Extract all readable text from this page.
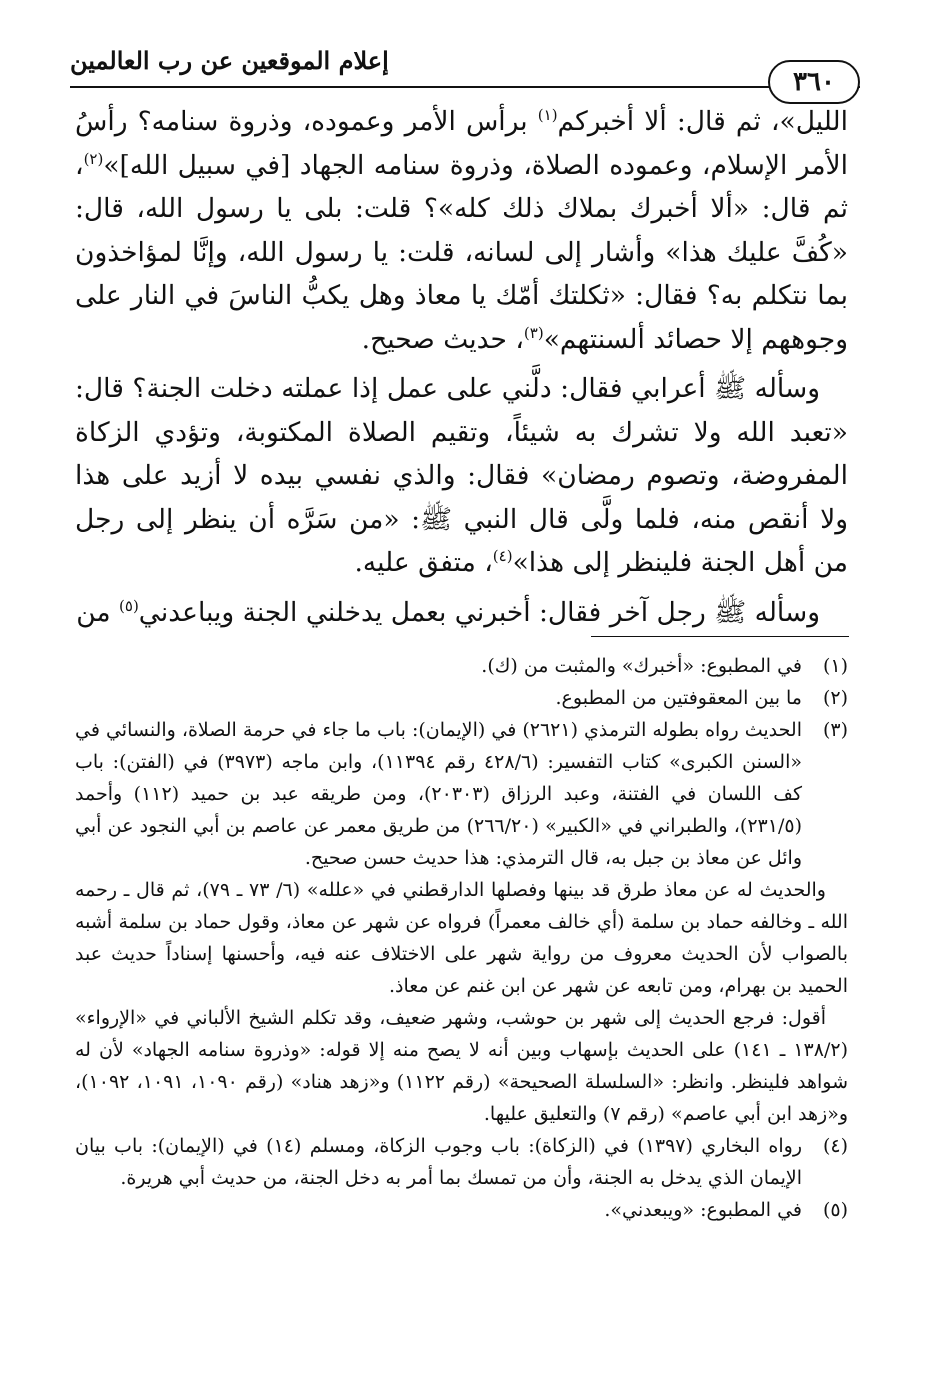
إعلام الموقعين عن رب العالمين
٣٦٠

الليل»، ثم قال: ألا أخبركم$^{(١)}$ برأس الأمر وعموده، وذروة سنامه؟ رأسُ الأمر الإسلام، وعموده الصلاة، وذروة سنامه الجهاد [في سبيل الله]»$^{(٢)}$، ثم قال: «ألا أخبرك بملاك ذلك كله»؟ قلت: بلى يا رسول الله، قال: «كُفَّ عليك هذا» وأشار إلى لسانه، قلت: يا رسول الله، وإنَّا لمؤاخذون بما نتكلم به؟ فقال: «ثكلتك أمّك يا معاذ وهل يكبُّ الناسَ في النار على وجوههم إلا حصائد ألسنتهم»$^{(٣)}$، حديث صحيح.

وسأله ﷺ أعرابي فقال: دلَّني على عمل إذا عملته دخلت الجنة؟ قال: «تعبد الله ولا تشرك به شيئاً، وتقيم الصلاة المكتوبة، وتؤدي الزكاة المفروضة، وتصوم رمضان» فقال: والذي نفسي بيده لا أزيد على هذا ولا أنقص منه، فلما ولَّى قال النبي ﷺ: «من سَرَّه أن ينظر إلى رجل من أهل الجنة فلينظر إلى هذا»$^{(٤)}$، متفق عليه.

وسأله ﷺ رجل آخر فقال: أخبرني بعمل يدخلني الجنة ويباعدني$^{(٥)}$ من

(١)

في المطبوع: «أخبرك» والمثبت من (ك).

(٢)

ما بين المعقوفتين من المطبوع.

(٣)

الحديث رواه بطوله الترمذي (٢٦٢١) في (الإيمان): باب ما جاء في حرمة الصلاة، والنسائي في «السنن الكبرى» كتاب التفسير: (٤٢٨/٦ رقم ١١٣٩٤)، وابن ماجه (٣٩٧٣) في (الفتن): باب كف اللسان في الفتنة، وعبد الرزاق (٢٠٣٠٣)، ومن طريقه عبد بن حميد (١١٢) وأحمد (٢٣١/٥)، والطبراني في «الكبير» (٢٦٦/٢٠) من طريق معمر عن عاصم بن أبي النجود عن أبي وائل عن معاذ بن جبل به، قال الترمذي: هذا حديث حسن صحيح.

والحديث له عن معاذ طرق قد بينها وفصلها الدارقطني في «علله» (٦/ ٧٣ ـ ٧٩)، ثم قال ـ رحمه الله ـ وخالفه حماد بن سلمة (أي خالف معمراً) فرواه عن شهر عن معاذ، وقول حماد بن سلمة أشبه بالصواب لأن الحديث معروف من رواية شهر على الاختلاف عنه فيه، وأحسنها إسناداً حديث عبد الحميد بن بهرام، ومن تابعه عن شهر عن ابن غنم عن معاذ.

أقول: فرجع الحديث إلى شهر بن حوشب، وشهر ضعيف، وقد تكلم الشيخ الألباني في «الإرواء» (١٣٨/٢ ـ ١٤١) على الحديث بإسهاب وبين أنه لا يصح منه إلا قوله: «وذروة سنامه الجهاد» لأن له شواهد فلينظر. وانظر: «السلسلة الصحيحة» (رقم ١١٢٢) و«زهد هناد» (رقم ١٠٩٠، ١٠٩١، ١٠٩٢)، و«زهد ابن أبي عاصم» (رقم ٧) والتعليق عليها.

(٤)

رواه البخاري (١٣٩٧) في (الزكاة): باب وجوب الزكاة، ومسلم (١٤) في (الإيمان): باب بيان الإيمان الذي يدخل به الجنة، وأن من تمسك بما أمر به دخل الجنة، من حديث أبي هريرة.

(٥)

في المطبوع: «ويبعدني».
